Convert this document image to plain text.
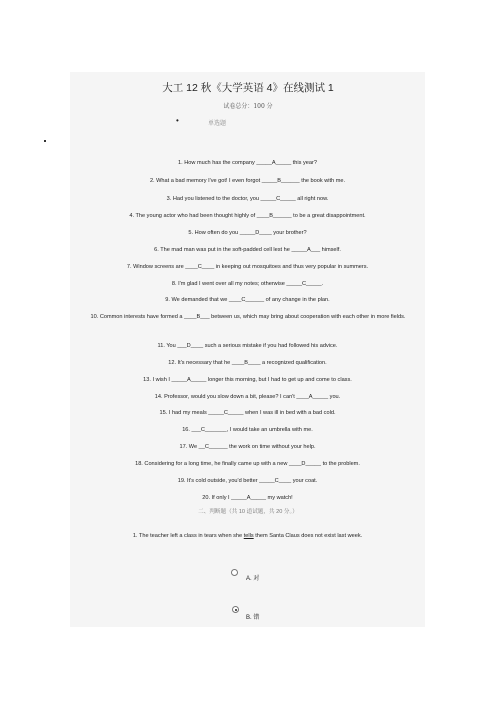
大工 12 秋《大学英语 4》在线测试 1
试卷总分：100 分
•	单选题
1. How much has the company _____A_____ this year?
2. What a bad memory I've got! I even forgot _____B______ the book with me.
3. Had you listened to the doctor, you _____C_____ all right now.
4. The young actor who had been thought highly of ____B______ to be a great disappointment.
5. How often do you _____D____ your brother?
6. The mad man was put in the soft-padded cell lest he _____A___ himself.
7. Window screens are ____C____ in keeping out mosquitoes and thus very popular in summers.
8. I'm glad I went over all my notes; otherwise _____C_____.
9. We demanded that we ____C______ of any change in the plan.
10. Common interests have formed a ____B___ between us, which may bring about cooperation with each other in more fields.
11. You ___D____ such a serious mistake if you had followed his advice.
12. It's necessary that he ____B____ a recognized qualification.
13. I wish I _____A_____ longer this morning, but I had to get up and come to class.
14. Professor, would you slow down a bit, please? I can't ____A_____ you.
15. I had my meals _____C_____ when I was ill in bed with a bad cold.
16. ___C_______, I would take an umbrella with me.
17. We __C______ the work on time without your help.
18. Considering for a long time, he finally came up with a new ____D_____ to the problem.
19. It's cold outside, you'd better _____C____ your coat.
20. If only I _____A_____ my watch!
二、判断题（共 10 道试题，共 20 分。）
1. The teacher left a class in tears when she tells them Santa Claus does not exist last week.
A. 对
B. 错
